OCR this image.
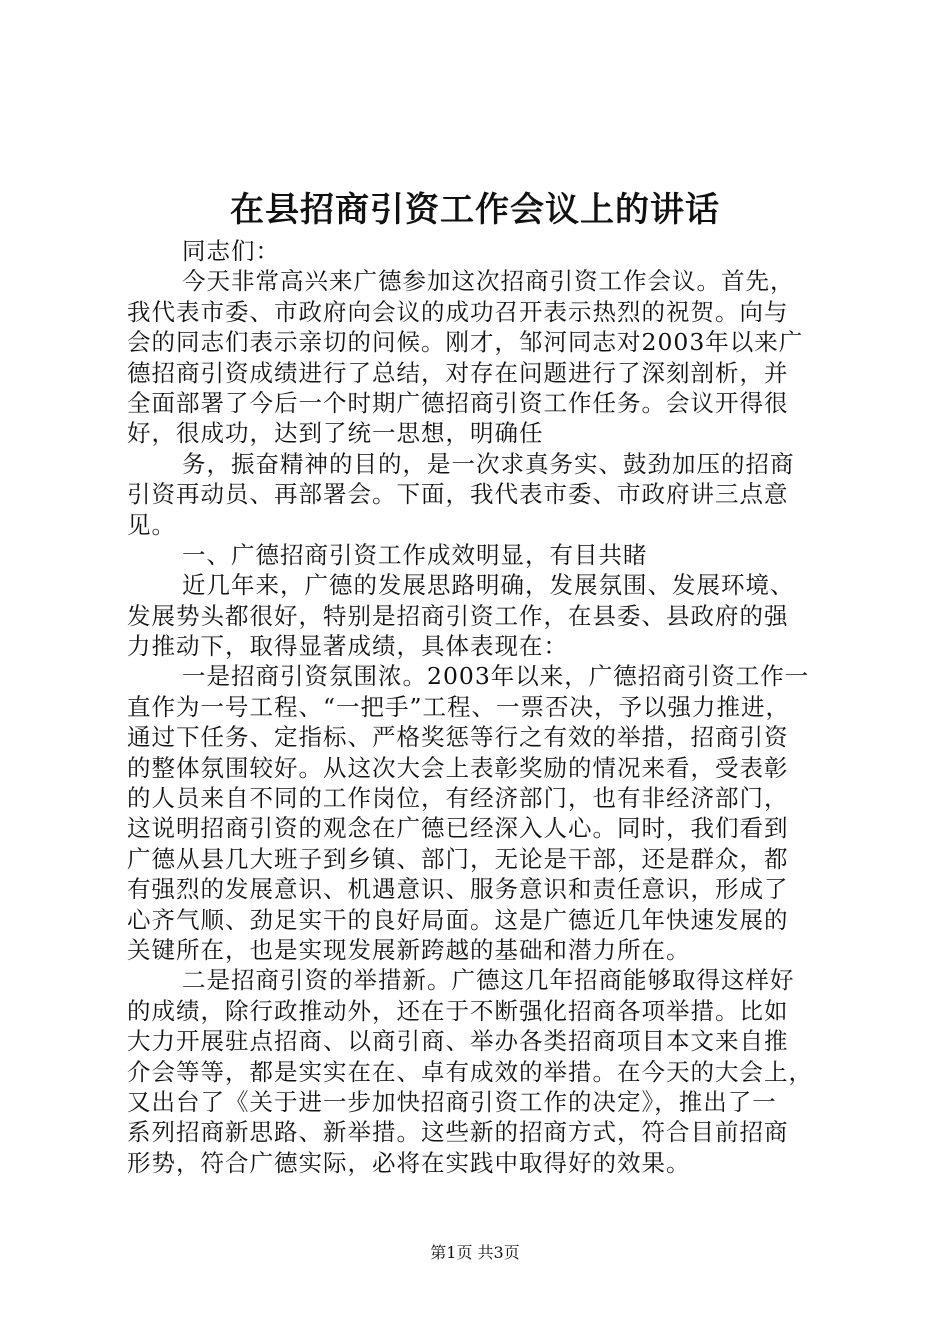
在县招商引资工作会议上的讲话
同志们：
今天非常高兴来广德参加这次招商引资工作会议。首先，
我代表市委、市政府向会议的成功召开表示热烈的祝贺。向与
会的同志们表示亲切的问候。刚才，邹河同志对2003年以来广
德招商引资成绩进行了总结，对存在问题进行了深刻剖析，并
全面部署了今后一个时期广德招商引资工作任务。会议开得很
好，很成功，达到了统一思想，明确任
务，振奋精神的目的，是一次求真务实、鼓劲加压的招商
引资再动员、再部署会。下面，我代表市委、市政府讲三点意
见。
一、广德招商引资工作成效明显，有目共睹
近几年来，广德的发展思路明确，发展氛围、发展环境、
发展势头都很好，特别是招商引资工作，在县委、县政府的强
力推动下，取得显著成绩，具体表现在：
一是招商引资氛围浓。2003年以来，广德招商引资工作一
直作为一号工程、“一把手”工程、一票否决，予以强力推进，
通过下任务、定指标、严格奖惩等行之有效的举措，招商引资
的整体氛围较好。从这次大会上表彰奖励的情况来看，受表彰
的人员来自不同的工作岗位，有经济部门，也有非经济部门，
这说明招商引资的观念在广德已经深入人心。同时，我们看到
广德从县几大班子到乡镇、部门，无论是干部，还是群众，都
有强烈的发展意识、机遇意识、服务意识和责任意识，形成了
心齐气顺、劲足实干的良好局面。这是广德近几年快速发展的
关键所在，也是实现发展新跨越的基础和潜力所在。
二是招商引资的举措新。广德这几年招商能够取得这样好
的成绩，除行政推动外，还在于不断强化招商各项举措。比如
大力开展驻点招商、以商引商、举办各类招商项目本文来自推
介会等等，都是实实在在、卓有成效的举措。在今天的大会上，
又出台了《关于进一步加快招商引资工作的决定》，推出了一
系列招商新思路、新举措。这些新的招商方式，符合目前招商
形势，符合广德实际，必将在实践中取得好的效果。
第1页 共3页
